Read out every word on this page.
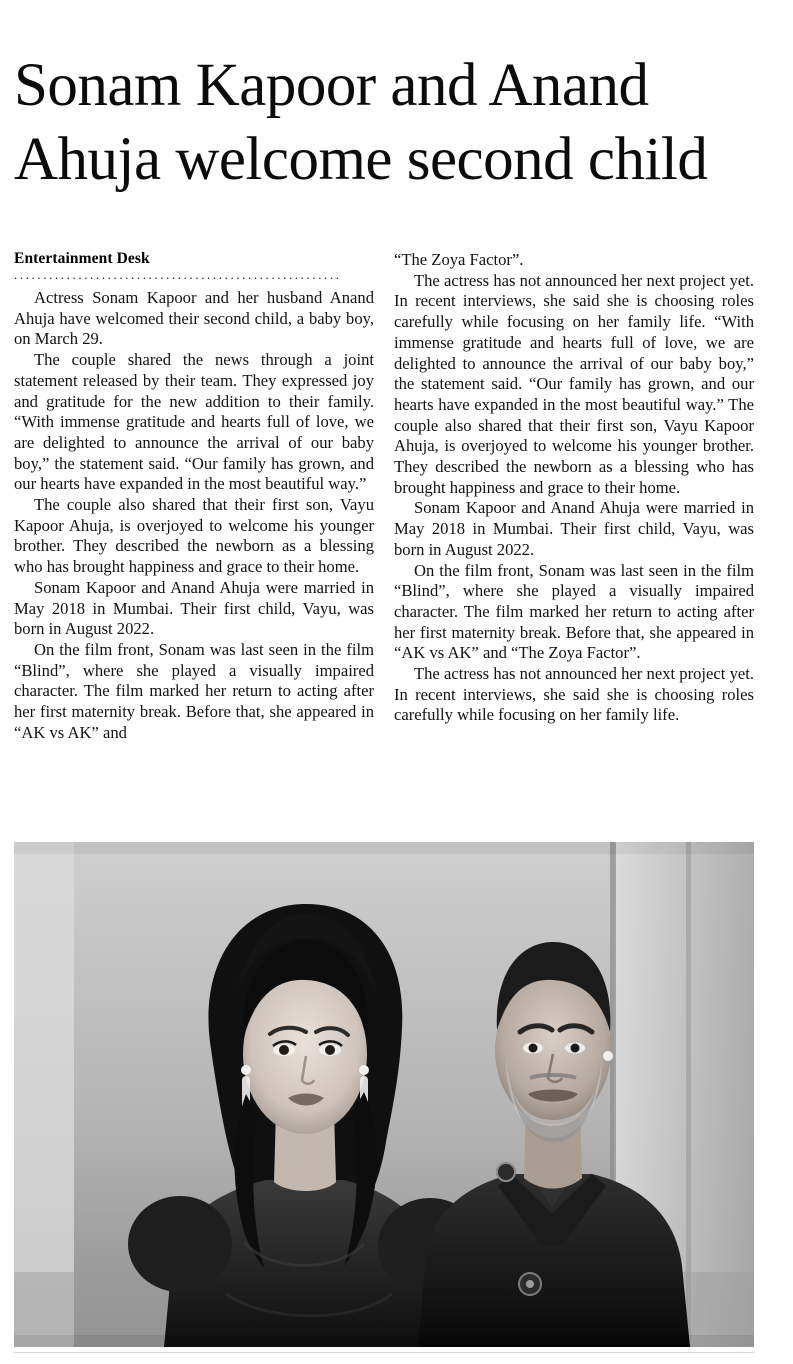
Sonam Kapoor and Anand Ahuja welcome second child
Entertainment Desk
........................................................

Actress Sonam Kapoor and her husband Anand Ahuja have welcomed their second child, a baby boy, on March 29.

The couple shared the news through a joint statement released by their team. They expressed joy and gratitude for the new addition to their family. “With immense gratitude and hearts full of love, we are delighted to announce the arrival of our baby boy,” the statement said. “Our family has grown, and our hearts have expanded in the most beautiful way.”

The couple also shared that their first son, Vayu Kapoor Ahuja, is overjoyed to welcome his younger brother. They described the newborn as a blessing who has brought happiness and grace to their home.

Sonam Kapoor and Anand Ahuja were married in May 2018 in Mumbai. Their first child, Vayu, was born in August 2022.

On the film front, Sonam was last seen in the film “Blind”, where she played a visually impaired character. The film marked her return to acting after her first maternity break. Before that, she appeared in “AK vs AK” and

“The Zoya Factor”.

The actress has not announced her next project yet. In recent interviews, she said she is choosing roles carefully while focusing on her family life. “With immense gratitude and hearts full of love, we are delighted to announce the arrival of our baby boy,” the statement said. “Our family has grown, and our hearts have expanded in the most beautiful way.” The couple also shared that their first son, Vayu Kapoor Ahuja, is overjoyed to welcome his younger brother. They described the newborn as a blessing who has brought happiness and grace to their home.

Sonam Kapoor and Anand Ahuja were married in May 2018 in Mumbai. Their first child, Vayu, was born in August 2022.

On the film front, Sonam was last seen in the film “Blind”, where she played a visually impaired character. The film marked her return to acting after her first maternity break. Before that, she appeared in “AK vs AK” and “The Zoya Factor”.

The actress has not announced her next project yet. In recent interviews, she said she is choosing roles carefully while focusing on her family life.
